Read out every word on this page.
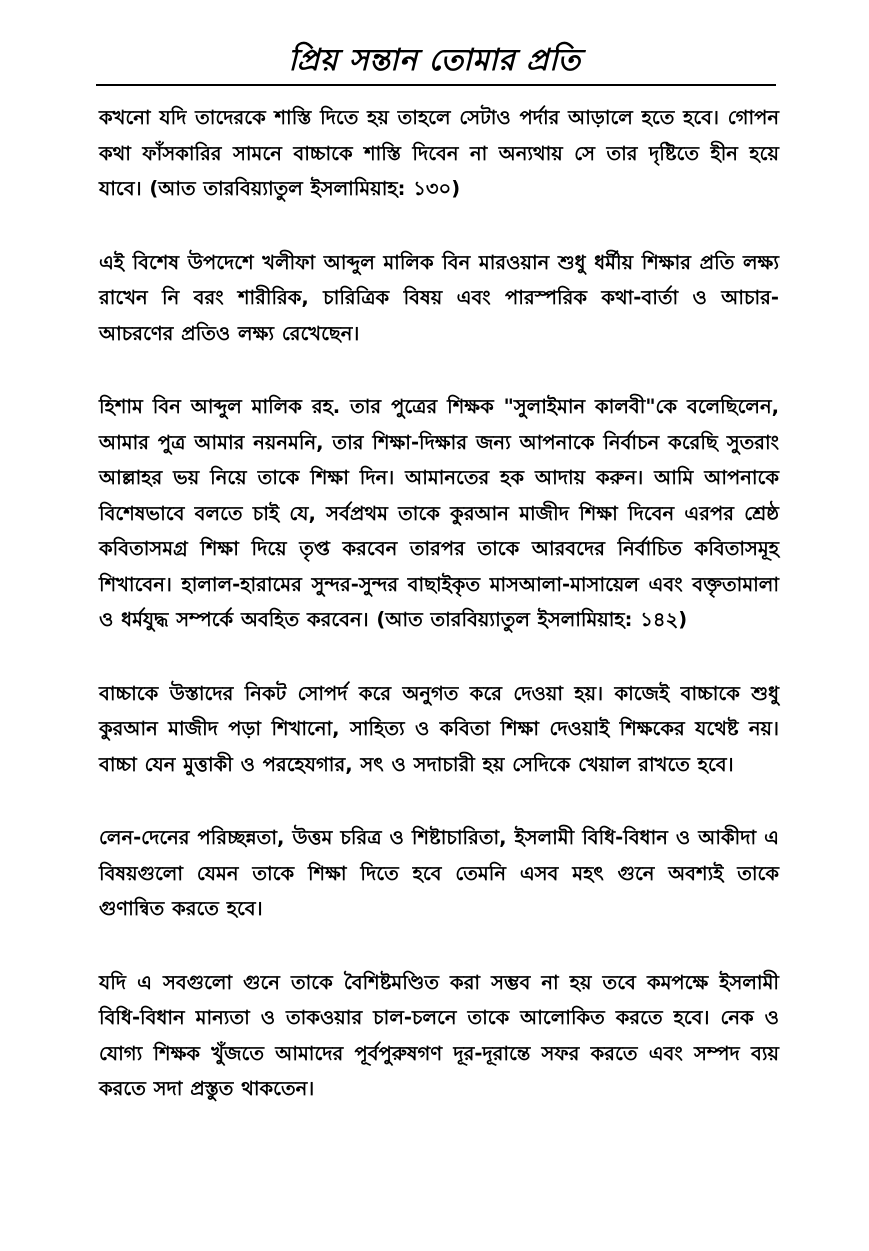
প্রিয় সন্তান তোমার প্রতি

কখনো যদি তাদেরকে শাস্তি দিতে হয় তাহলে সেটাও পর্দার আড়ালে হতে হবে। গোপন কথা ফাঁসকারির সামনে বাচ্চাকে শাস্তি দিবেন না অন্যথায় সে তার দৃষ্টিতে হীন হয়ে যাবে। (আত তারবিয়্যাতুল ইসলামিয়াহ: ১৩০)

এই বিশেষ উপদেশে খলীফা আব্দুল মালিক বিন মারওয়ান শুধু ধর্মীয় শিক্ষার প্রতি লক্ষ্য রাখেন নি বরং শারীরিক, চারিত্রিক বিষয় এবং পারস্পরিক কথা-বার্তা ও আচার-আচরণের প্রতিও লক্ষ্য রেখেছেন।

হিশাম বিন আব্দুল মালিক রহ. তার পুত্রের শিক্ষক "সুলাইমান কালবী"কে বলেছিলেন, আমার পুত্র আমার নয়নমনি, তার শিক্ষা-দিক্ষার জন্য আপনাকে নির্বাচন করেছি সুতরাং আল্লাহর ভয় নিয়ে তাকে শিক্ষা দিন। আমানতের হক আদায় করুন। আমি আপনাকে বিশেষভাবে বলতে চাই যে, সর্বপ্রথম তাকে কুরআন মাজীদ শিক্ষা দিবেন এরপর শ্রেষ্ঠ কবিতাসমগ্র শিক্ষা দিয়ে তৃপ্ত করবেন তারপর তাকে আরবদের নির্বাচিত কবিতাসমূহ শিখাবেন। হালাল-হারামের সুন্দর-সুন্দর বাছাইকৃত মাসআলা-মাসায়েল এবং বক্তৃতামালা ও ধর্মযুদ্ধ সম্পর্কে অবহিত করবেন। (আত তারবিয়্যাতুল ইসলামিয়াহ: ১৪২)

বাচ্চাকে উস্তাদের নিকট সোপর্দ করে অনুগত করে দেওয়া হয়। কাজেই বাচ্চাকে শুধু কুরআন মাজীদ পড়া শিখানো, সাহিত্য ও কবিতা শিক্ষা দেওয়াই শিক্ষকের যথেষ্ট নয়। বাচ্চা যেন মুত্তাকী ও পরহেযগার, সৎ ও সদাচারী হয় সেদিকে খেয়াল রাখতে হবে।

লেন-দেনের পরিচ্ছন্নতা, উত্তম চরিত্র ও শিষ্টাচারিতা, ইসলামী বিধি-বিধান ও আকীদা এ বিষয়গুলো যেমন তাকে শিক্ষা দিতে হবে তেমনি এসব মহৎ গুনে অবশ্যই তাকে গুণান্বিত করতে হবে।

যদি এ সবগুলো গুনে তাকে বৈশিষ্টমণ্ডিত করা সম্ভব না হয় তবে কমপক্ষে ইসলামী বিধি-বিধান মান্যতা ও তাকওয়ার চাল-চলনে তাকে আলোকিত করতে হবে। নেক ও যোগ্য শিক্ষক খুঁজতে আমাদের পূর্বপুরুষগণ দূর-দূরান্তে সফর করতে এবং সম্পদ ব্যয় করতে সদা প্রস্তুত থাকতেন।
